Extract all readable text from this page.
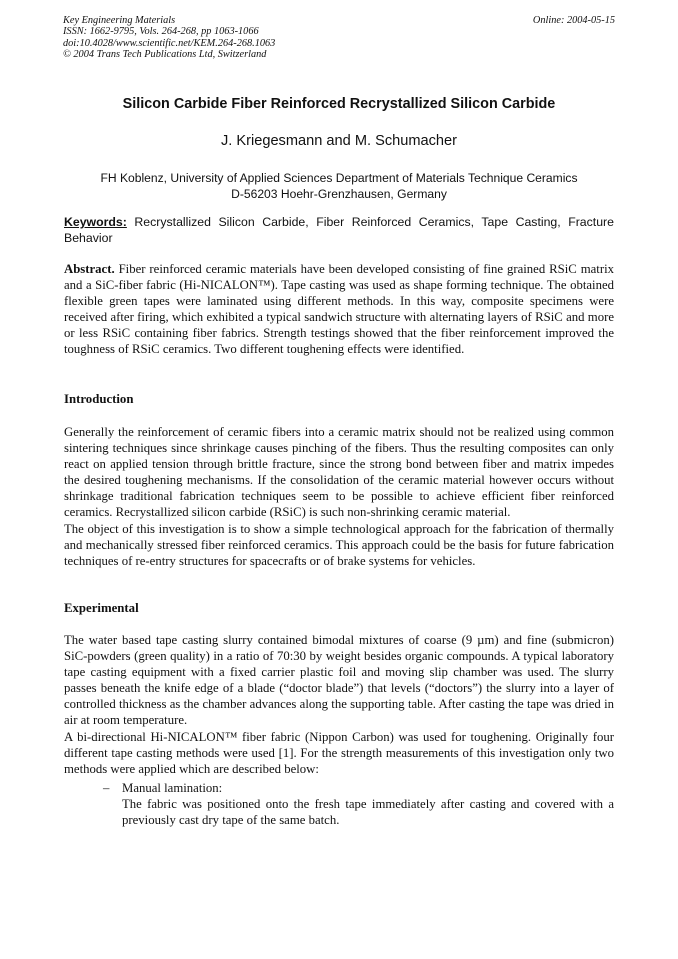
Key Engineering Materials
ISSN: 1662-9795, Vols. 264-268, pp 1063-1066
doi:10.4028/www.scientific.net/KEM.264-268.1063
© 2004 Trans Tech Publications Ltd, Switzerland
Online: 2004-05-15
Silicon Carbide Fiber Reinforced Recrystallized Silicon Carbide
J. Kriegesmann and M. Schumacher
FH Koblenz, University of Applied Sciences Department of Materials Technique Ceramics
D-56203 Hoehr-Grenzhausen, Germany
Keywords: Recrystallized Silicon Carbide, Fiber Reinforced Ceramics, Tape Casting, Fracture Behavior
Abstract. Fiber reinforced ceramic materials have been developed consisting of fine grained RSiC matrix and a SiC-fiber fabric (Hi-NICALON™). Tape casting was used as shape forming technique. The obtained flexible green tapes were laminated using different methods. In this way, composite specimens were received after firing, which exhibited a typical sandwich structure with alternating layers of RSiC and more or less RSiC containing fiber fabrics. Strength testings showed that the fiber reinforcement improved the toughness of RSiC ceramics. Two different toughening effects were identified.
Introduction

Generally the reinforcement of ceramic fibers into a ceramic matrix should not be realized using common sintering techniques since shrinkage causes pinching of the fibers. Thus the resulting composites can only react on applied tension through brittle fracture, since the strong bond between fiber and matrix impedes the desired toughening mechanisms. If the consolidation of the ceramic material however occurs without shrinkage traditional fabrication techniques seem to be possible to achieve efficient fiber reinforced ceramics. Recrystallized silicon carbide (RSiC) is such non-shrinking ceramic material.

The object of this investigation is to show a simple technological approach for the fabrication of thermally and mechanically stressed fiber reinforced ceramics. This approach could be the basis for future fabrication techniques of re-entry structures for spacecrafts or of brake systems for vehicles.

Experimental

The water based tape casting slurry contained bimodal mixtures of coarse (9 µm) and fine (submicron) SiC-powders (green quality) in a ratio of 70:30 by weight besides organic compounds. A typical laboratory tape casting equipment with a fixed carrier plastic foil and moving slip chamber was used. The slurry passes beneath the knife edge of a blade (“doctor blade”) that levels (“doctors”) the slurry into a layer of controlled thickness as the chamber advances along the supporting table. After casting the tape was dried in air at room temperature.

A bi-directional Hi-NICALON™ fiber fabric (Nippon Carbon) was used for toughening. Originally four different tape casting methods were used [1]. For the strength measurements of this investigation only two methods were applied which are described below:

– Manual lamination:
The fabric was positioned onto the fresh tape immediately after casting and covered with a previously cast dry tape of the same batch.
